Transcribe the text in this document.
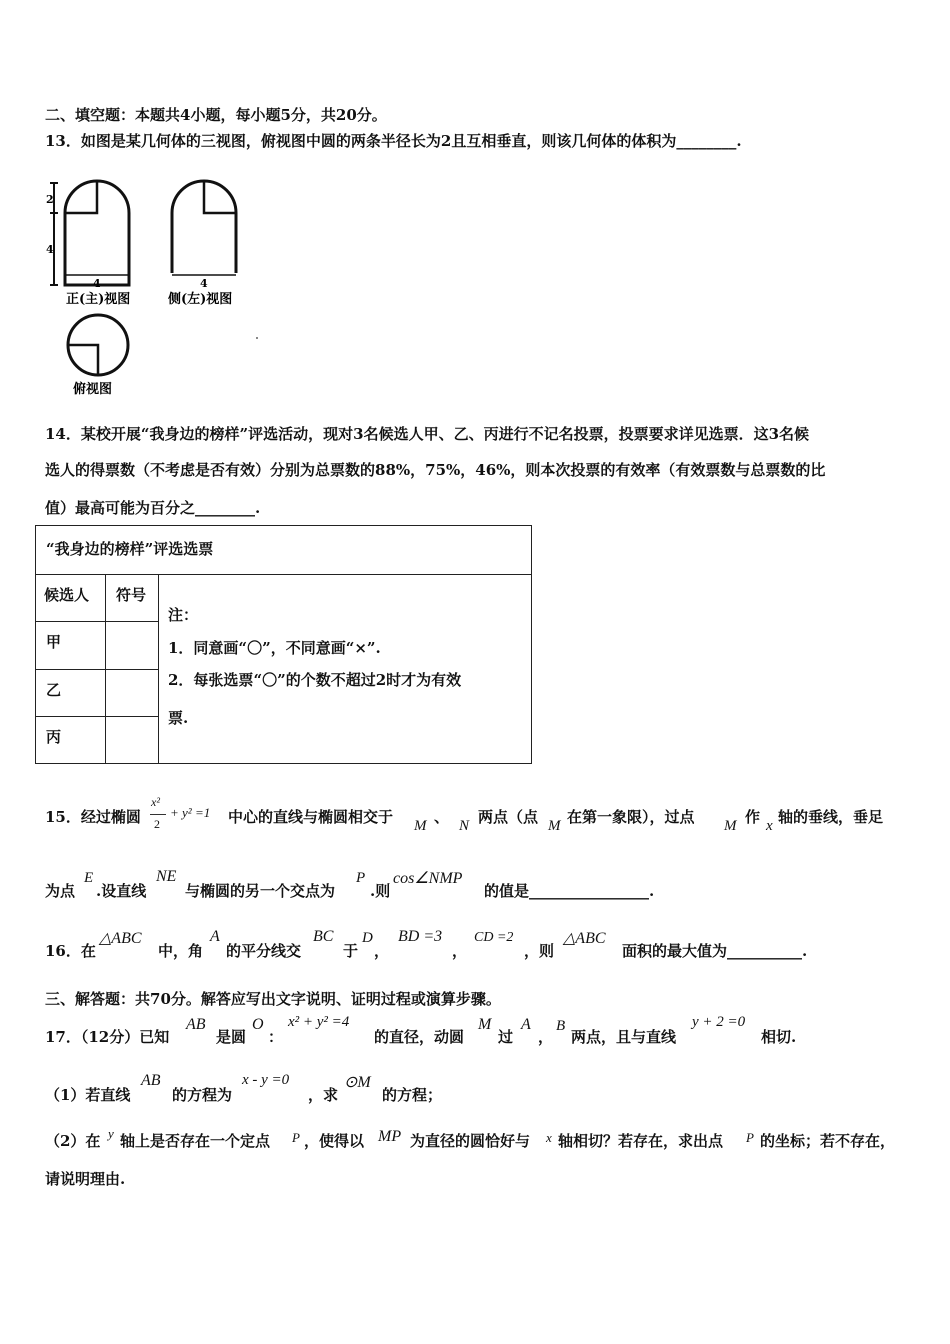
二、填空题：本题共4小题，每小题5分，共20分。
13．如图是某几何体的三视图，俯视图中圆的两条半径长为2且互相垂直，则该几何体的体积为________.
2
4
4
正(主)视图
4
侧(左)视图
俯视图
14．某校开展“我身边的榜样”评选活动，现对3名候选人甲、乙、丙进行不记名投票，投票要求详见选票．这3名候
选人的得票数（不考虑是否有效）分别为总票数的88%，75%，46%，则本次投票的有效率（有效票数与总票数的比
值）最高可能为百分之________.
“我身边的榜样”评选选票
候选人 符号
甲
乙
丙
注：
1．同意画“〇”，不同意画“×”.
2．每张选票“〇”的个数不超过2时才为有效
票.
15．经过椭圆
x²
2
+ y² =1 中心的直线与椭圆相交于 M 、 N 两点（点 M 在第一象限），过点 M 作 x 轴的垂线，垂足
为点
E
.设直线
NE
与椭圆的另一个交点为
P
.则
cos∠NMP
的值是________________.
16．在
△ABC
中，角
A
的平分线交
BC
于
D
，
BD =3
，
CD =2
，则
△ABC
面积的最大值为__________.
三、解答题：共70分。解答应写出文字说明、证明过程或演算步骤。
17．（12分）已知
AB
是圆
O
：
x² + y² =4
的直径，动圆
M
过
A
，
B
两点，且与直线
y + 2 =0
相切.
（1）若直线
AB
的方程为
x - y =0
，求
⊙M
的方程；
（2）在 y 轴上是否存在一个定点 P ，使得以 MP 为直径的圆恰好与 x 轴相切？若存在，求出点 P 的坐标；若不存在，
请说明理由.
